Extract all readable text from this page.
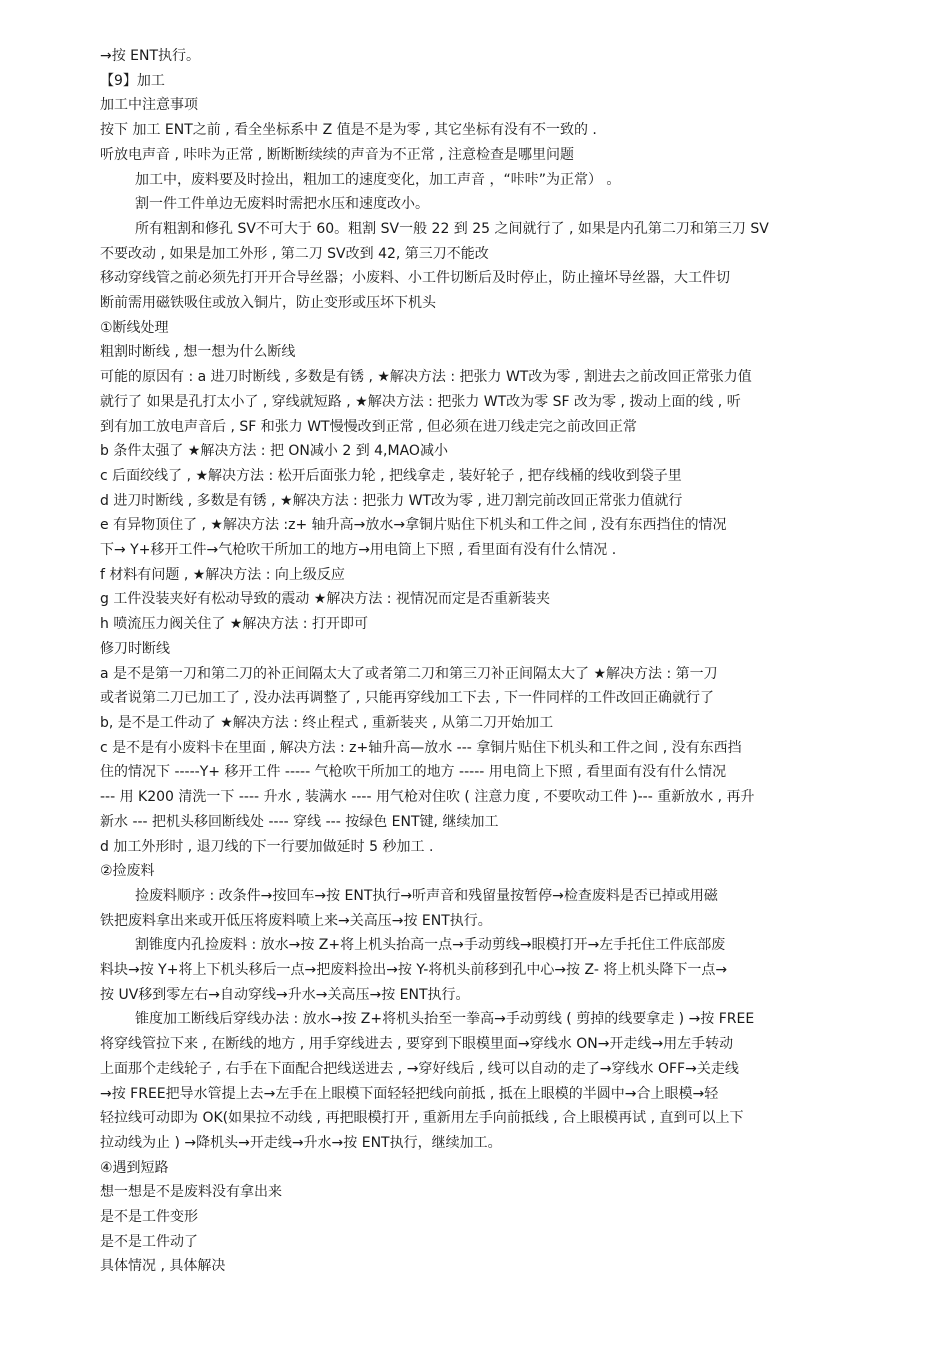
→按 ENT执行。
【9】加工
加工中注意事项
按下 加工 ENT之前 , 看全坐标系中 Z 值是不是为零 , 其它坐标有没有不一致的 .
听放电声音 , 咔咔为正常 , 断断断续续的声音为不正常 , 注意检查是哪里问题
加工中，废料要及时捡出，粗加工的速度变化，加工声音 ，“咔咔”为正常） 。
割一件工件单边无废料时需把水压和速度改小。
所有粗割和修孔 SV不可大于 60。粗割 SV一般 22 到 25 之间就行了 , 如果是内孔第二刀和第三刀 SV
不要改动 , 如果是加工外形 , 第二刀 SV改到 42, 第三刀不能改
移动穿线管之前必须先打开开合导丝器；小废料、小工件切断后及时停止，防止撞坏导丝器，大工件切
断前需用磁铁吸住或放入铜片，防止变形或压坏下机头
①断线处理
粗割时断线 , 想一想为什么断线
可能的原因有 : a 进刀时断线 , 多数是有锈 , ★解决方法 : 把张力 WT改为零 , 割进去之前改回正常张力值
就行了 如果是孔打太小了 , 穿线就短路 , ★解决方法 : 把张力 WT改为零 SF 改为零 , 拨动上面的线 , 听
到有加工放电声音后 , SF 和张力 WT慢慢改到正常 , 但必须在进刀线走完之前改回正常
b 条件太强了 ★解决方法 : 把 ON减小 2 到 4,MAO减小
c 后面绞线了 , ★解决方法 : 松开后面张力轮 , 把线拿走 , 装好轮子 , 把存线桶的线收到袋子里
d 进刀时断线 , 多数是有锈 , ★解决方法 : 把张力 WT改为零 , 进刀割完前改回正常张力值就行
e 有异物顶住了 , ★解决方法 :z+ 轴升高→放水→拿铜片贴住下机头和工件之间 , 没有东西挡住的情况
下→ Y+移开工件→气枪吹干所加工的地方→用电筒上下照 , 看里面有没有什么情况 .
f 材料有问题 , ★解决方法 : 向上级反应
g 工件没装夹好有松动导致的震动 ★解决方法 : 视情况而定是否重新装夹
h 喷流压力阀关住了 ★解决方法 : 打开即可
修刀时断线
a 是不是第一刀和第二刀的补正间隔太大了或者第二刀和第三刀补正间隔太大了 ★解决方法 : 第一刀
或者说第二刀已加工了 , 没办法再调整了 , 只能再穿线加工下去 , 下一件同样的工件改回正确就行了
b, 是不是工件动了 ★解决方法 : 终止程式 , 重新装夹 , 从第二刀开始加工
c 是不是有小废料卡在里面 , 解决方法 : z+轴升高—放水 --- 拿铜片贴住下机头和工件之间 , 没有东西挡
住的情况下 -----Y+ 移开工件 ----- 气枪吹干所加工的地方 ----- 用电筒上下照 , 看里面有没有什么情况
--- 用 K200 清洗一下 ---- 升水 , 装满水 ---- 用气枪对住吹 ( 注意力度 , 不要吹动工件 )--- 重新放水 , 再升
新水 --- 把机头移回断线处 ---- 穿线 --- 按绿色 ENT键, 继续加工
d 加工外形时 , 退刀线的下一行要加做延时 5 秒加工 .
②捡废料
捡废料顺序 : 改条件→按回车→按 ENT执行→听声音和残留量按暂停→检查废料是否已掉或用磁
铁把废料拿出来或开低压将废料喷上来→关高压→按 ENT执行。
割锥度内孔捡废料 : 放水→按 Z+将上机头抬高一点→手动剪线→眼模打开→左手托住工件底部废
料块→按 Y+将上下机头移后一点→把废料捡出→按 Y-将机头前移到孔中心→按 Z- 将上机头降下一点→
按 UV移到零左右→自动穿线→升水→关高压→按 ENT执行。
锥度加工断线后穿线办法 : 放水→按 Z+将机头抬至一拳高→手动剪线 ( 剪掉的线要拿走 ) →按 FREE
将穿线管拉下来 , 在断线的地方 , 用手穿线进去 , 要穿到下眼模里面→穿线水 ON→开走线→用左手转动
上面那个走线轮子 , 右手在下面配合把线送进去 , →穿好线后 , 线可以自动的走了→穿线水 OFF→关走线
→按 FREE把导水管提上去→左手在上眼模下面轻轻把线向前抵 , 抵在上眼模的半圆中→合上眼模→轻
轻拉线可动即为 OK(如果拉不动线 , 再把眼模打开 , 重新用左手向前抵线 , 合上眼模再试 , 直到可以上下
拉动线为止 ) →降机头→开走线→升水→按 ENT执行，继续加工。
④遇到短路
想一想是不是废料没有拿出来
是不是工件变形
是不是工件动了
具体情况 , 具体解决
